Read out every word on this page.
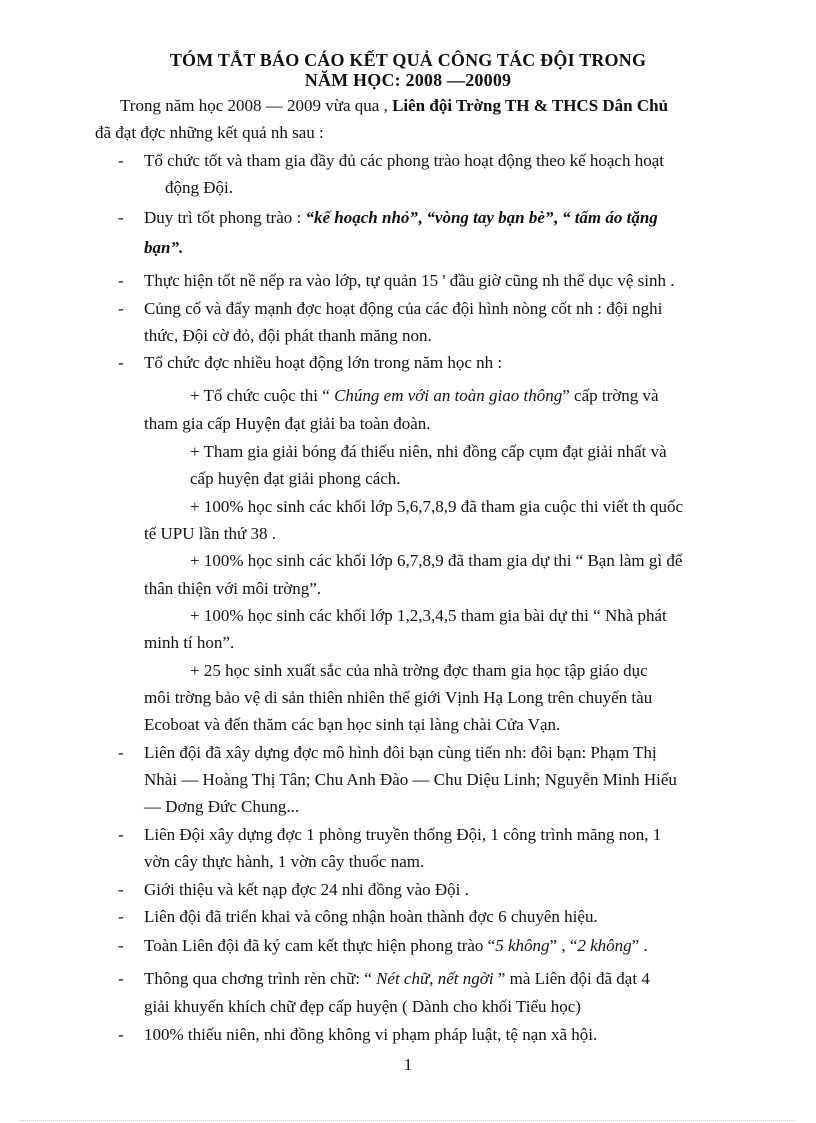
TÓM TẮT BÁO CÁO KẾT QUẢ CÔNG TÁC ĐỘI TRONG
NĂM HỌC: 2008 —20009
Trong năm học 2008 — 2009 vừa qua , Liên đội Trờng TH & THCS Dân Chủ
đã đạt đợc những kết quả nh sau :
- Tổ chức tốt và tham gia đầy đủ các phong trào hoạt động theo kế hoạch hoạt
động Đội.
- Duy trì tốt phong trào : “kế hoạch nhỏ”, “vòng tay bạn bè”, “ tấm áo tặng
bạn”.
- Thực hiện tốt nề nếp ra vào lớp, tự quản 15 ' đầu giờ cũng nh thể dục vệ sinh .
- Củng cố và đẩy mạnh đợc hoạt động của các đội hình nòng cốt nh : đội nghi
thức, Đội cờ đỏ, đội phát thanh măng non.
- Tổ chức đợc nhiều hoạt động lớn trong năm học nh :
+ Tổ chức cuộc thi “ Chúng em với an toàn giao thông” cấp trờng và
tham gia cấp Huyện đạt giải ba toàn đoàn.
+ Tham gia giải bóng đá thiếu niên, nhi đồng cấp cụm đạt giải nhất và
cấp huyện đạt giải phong cách.
+ 100% học sinh các khối lớp 5,6,7,8,9 đã tham gia cuộc thi viết th quốc
tế UPU lần thứ 38 .
+ 100% học sinh các khối lớp 6,7,8,9 đã tham gia dự thi “ Bạn làm gì để
thân thiện với môi trờng”.
+ 100% học sinh các khối lớp 1,2,3,4,5 tham gia bài dự thi “ Nhà phát
minh tí hon”.
+ 25 học sinh xuất sắc của nhà trờng đợc tham gia học tập giáo dục
môi trờng bảo vệ di sản thiên nhiên thế giới Vịnh Hạ Long trên chuyến tàu
Ecoboat và đến thăm các bạn học sinh tại làng chài Cửa Vạn.
- Liên đội đã xây dựng đợc mô hình đôi bạn cùng tiến nh: đôi bạn: Phạm Thị
Nhài — Hoàng Thị Tân; Chu Anh Đào — Chu Diệu Linh; Nguyễn Minh Hiếu
— Dơng Đức Chung...
- Liên Đội xây dựng đợc 1 phòng truyền thống Đội, 1 công trình măng non, 1
vờn cây thực hành, 1 vờn cây thuốc nam.
- Giới thiệu và kết nạp đợc 24 nhi đồng vào Đội .
- Liên đội đã triển khai và công nhận hoàn thành đợc 6 chuyên hiệu.
- Toàn Liên đội đã ký cam kết thực hiện phong trào “5 không” , “2 không” .
- Thông qua chơng trình rèn chữ: “ Nét chữ, nết ngời ” mà Liên đội đã đạt 4
giải khuyến khích chữ đẹp cấp huyện ( Dành cho khối Tiểu học)
- 100% thiếu niên, nhi đồng không vi phạm pháp luật, tệ nạn xã hội.
1
